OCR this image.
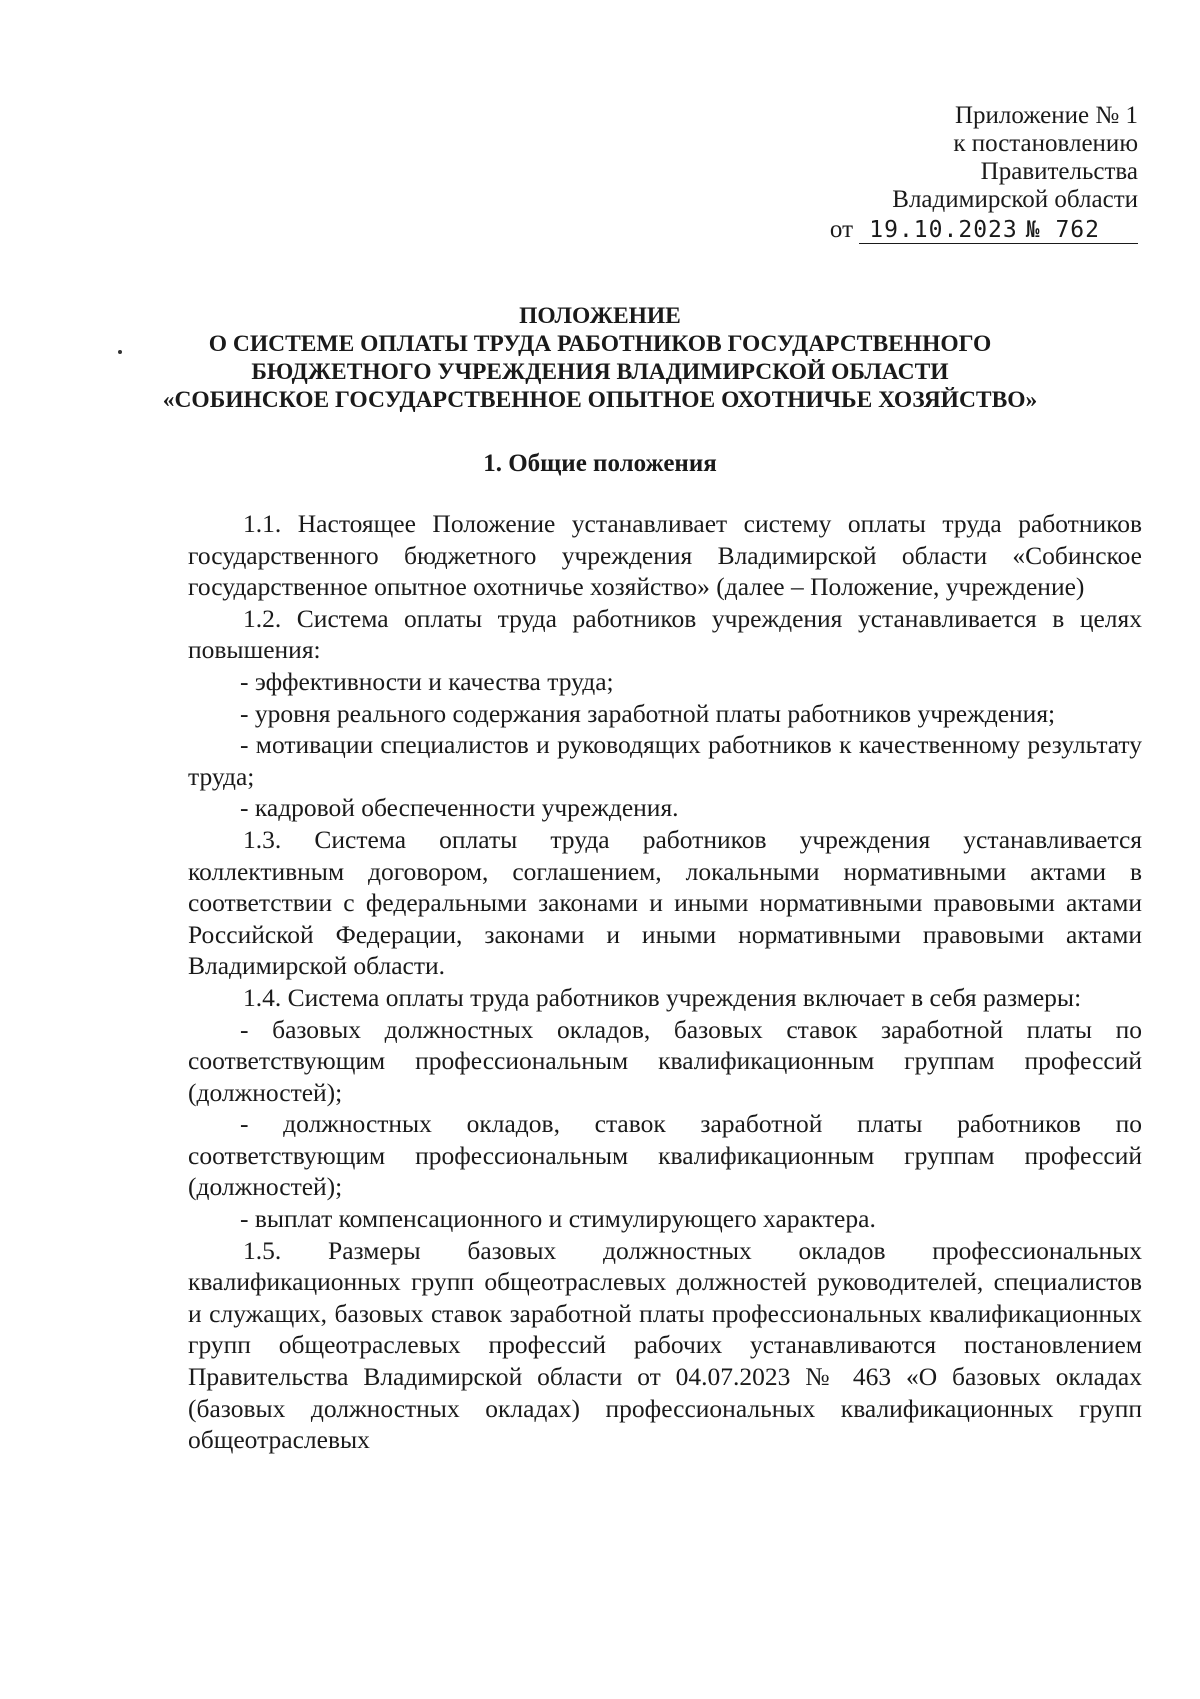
Приложение № 1
к постановлению
Правительства
Владимирской области
от 19.10.2023 № 762
ПОЛОЖЕНИЕ
О СИСТЕМЕ ОПЛАТЫ ТРУДА РАБОТНИКОВ ГОСУДАРСТВЕННОГО
БЮДЖЕТНОГО УЧРЕЖДЕНИЯ ВЛАДИМИРСКОЙ ОБЛАСТИ
«СОБИНСКОЕ ГОСУДАРСТВЕННОЕ ОПЫТНОЕ ОХОТНИЧЬЕ ХОЗЯЙСТВО»
1. Общие положения

1.1. Настоящее Положение устанавливает систему оплаты труда работников государственного бюджетного учреждения Владимирской области «Собинское государственное опытное охотничье хозяйство» (далее – Положение, учреждение)

1.2. Система оплаты труда работников учреждения устанавливается в целях повышения:

- эффективности и качества труда;

- уровня реального содержания заработной платы работников учреждения;

- мотивации специалистов и руководящих работников к качественному результату труда;

- кадровой обеспеченности учреждения.

1.3. Система оплаты труда работников учреждения устанавливается коллективным договором, соглашением, локальными нормативными актами в соответствии с федеральными законами и иными нормативными правовыми актами Российской Федерации, законами и иными нормативными правовыми актами Владимирской области.

1.4. Система оплаты труда работников учреждения включает в себя размеры:

- базовых должностных окладов, базовых ставок заработной платы по соответствующим профессиональным квалификационным группам профессий (должностей);

- должностных окладов, ставок заработной платы работников по соответствующим профессиональным квалификационным группам профессий (должностей);

- выплат компенсационного и стимулирующего характера.

1.5. Размеры базовых должностных окладов профессиональных квалификационных групп общеотраслевых должностей руководителей, специалистов и служащих, базовых ставок заработной платы профессиональных квалификационных групп общеотраслевых профессий рабочих устанавливаются постановлением Правительства Владимирской области от 04.07.2023 № 463 «О базовых окладах (базовых должностных окладах) профессиональных квалификационных групп общеотраслевых
